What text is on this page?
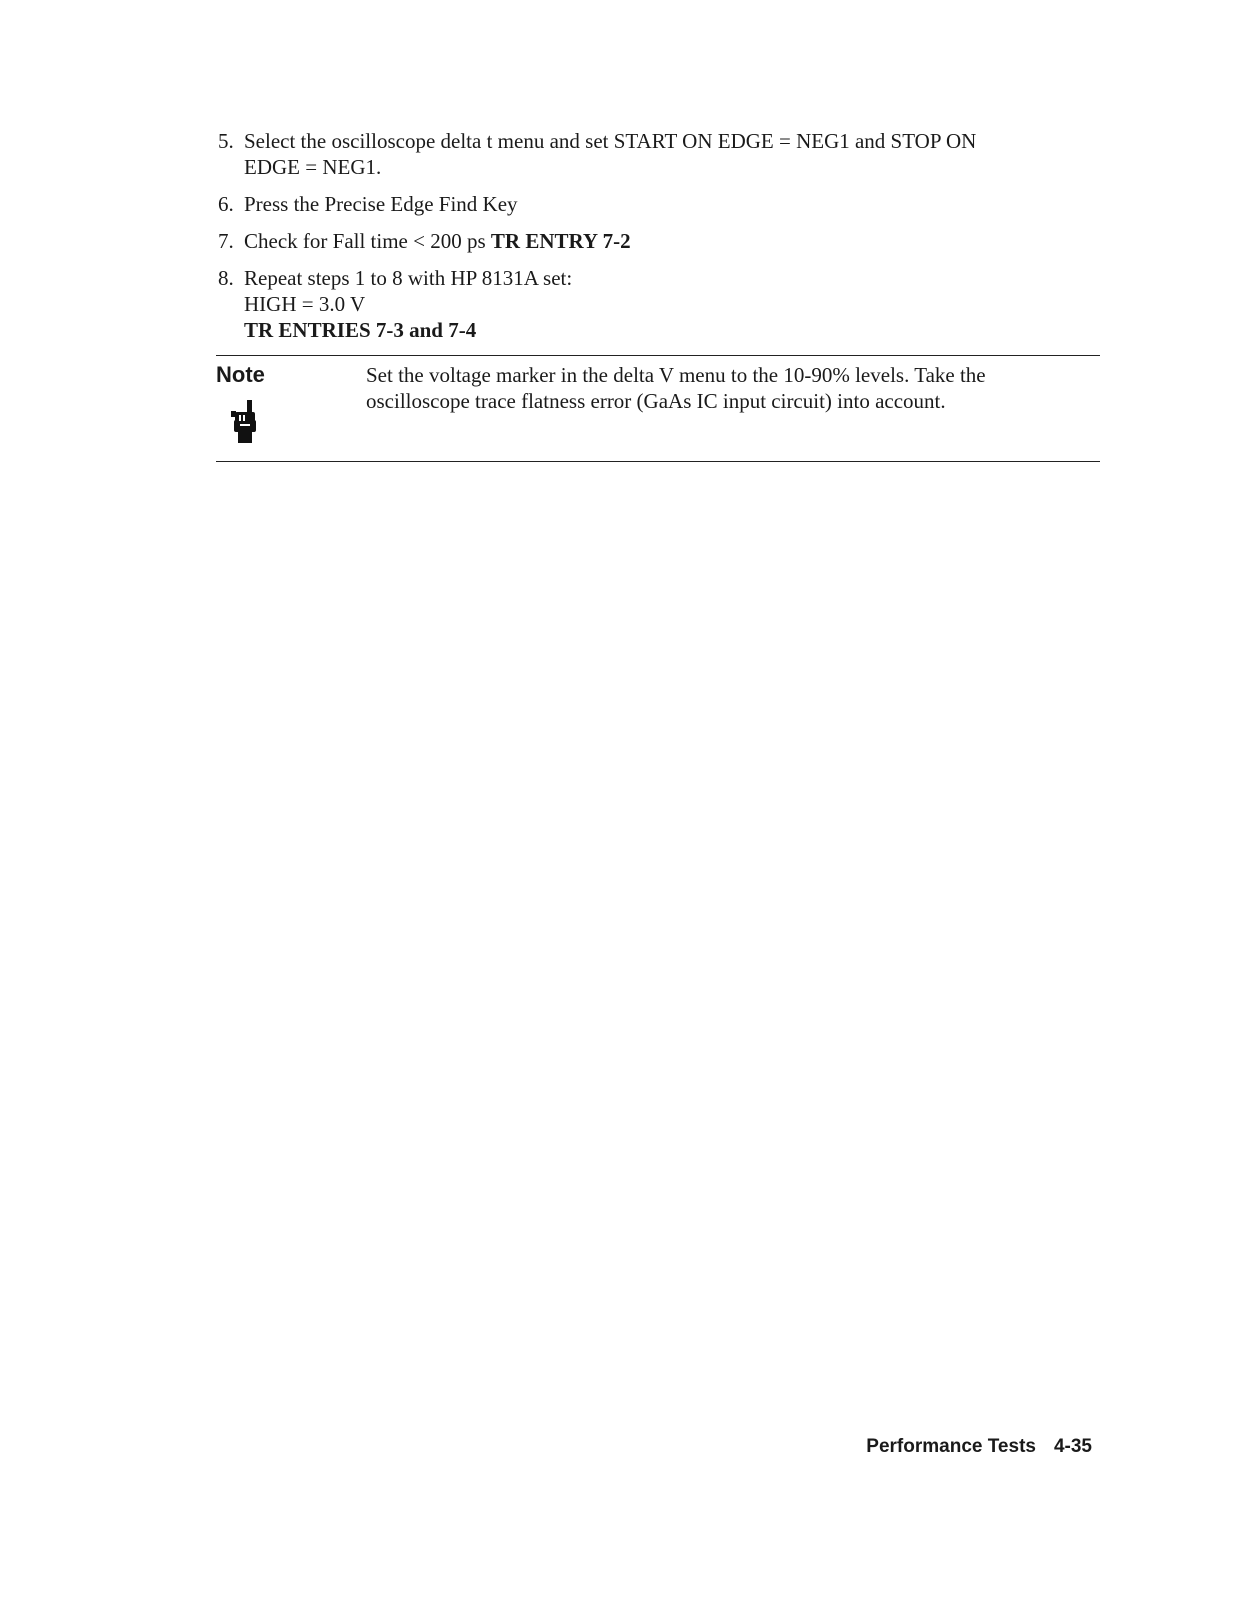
5. Select the oscilloscope delta t menu and set START ON EDGE = NEG1 and STOP ON
EDGE = NEG1.
6. Press the Precise Edge Find Key
7. Check for Fall time < 200 ps TR ENTRY 7-2
8. Repeat steps 1 to 8 with HP 8131A set:
HIGH = 3.0 V
TR ENTRIES 7-3 and 7-4
Note	Set the voltage marker in the delta V menu to the 10-90% levels. Take the oscilloscope trace flatness error (GaAs IC input circuit) into account.
Performance Tests 4-35
